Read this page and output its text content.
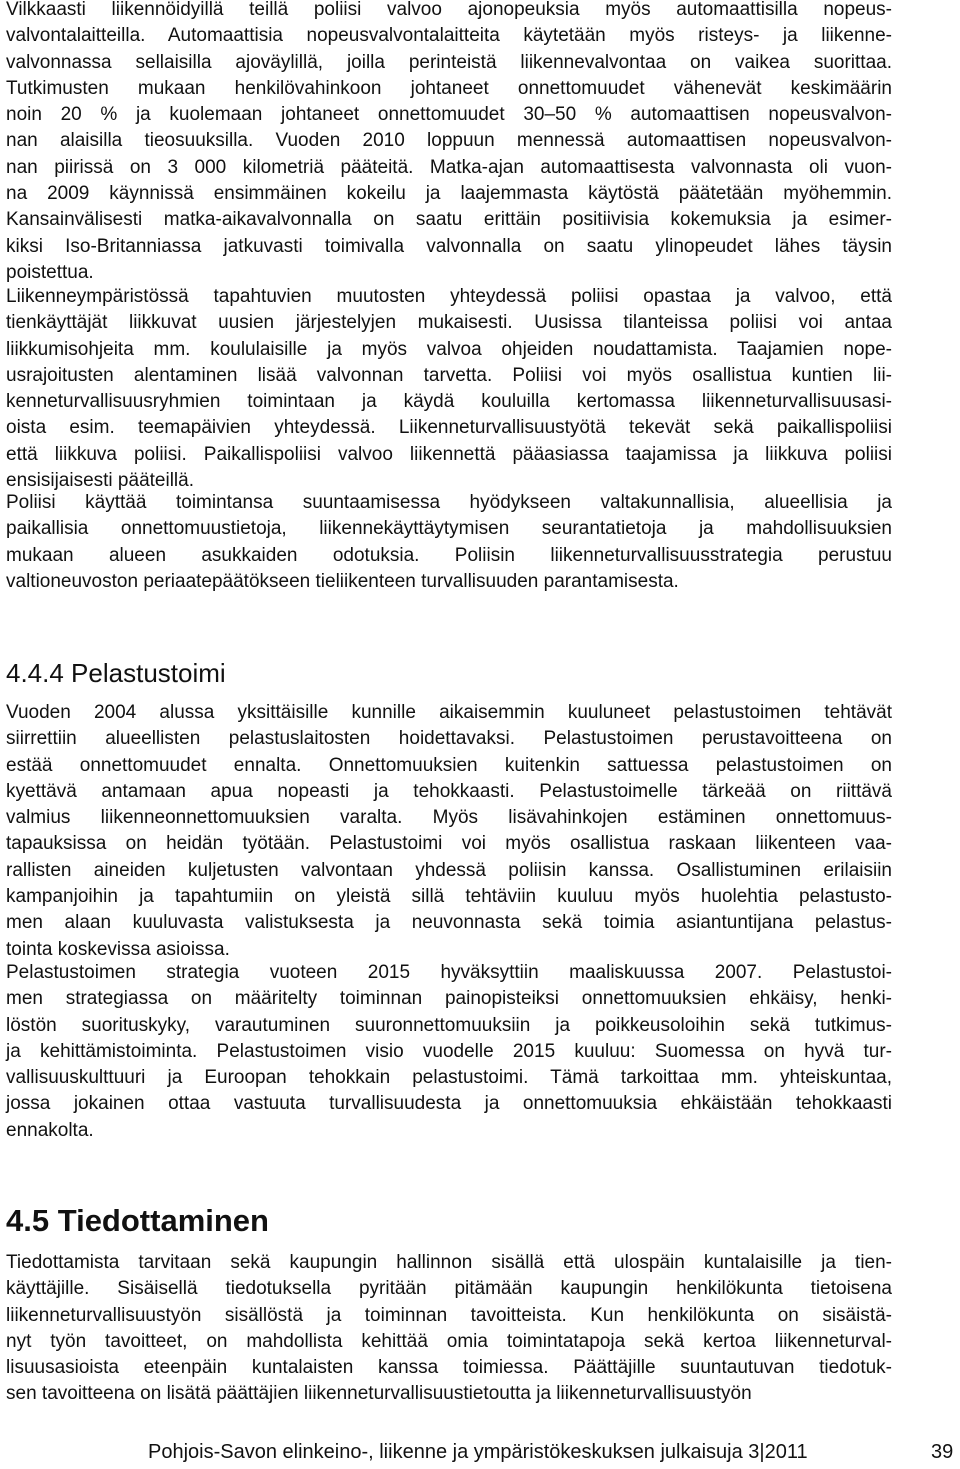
Vilkkaasti liikennöidyillä teillä poliisi valvoo ajonopeuksia myös automaattisilla nopeus-
valvontalaitteilla. Automaattisia nopeusvalvontalaitteita käytetään myös risteys- ja liikenne-
valvonnassa sellaisilla ajoväylillä, joilla perinteistä liikennevalvontaa on vaikea suorittaa.
Tutkimusten mukaan henkilövahinkoon johtaneet onnettomuudet vähenevät keskimäärin
noin 20 % ja kuolemaan johtaneet onnettomuudet 30–50 % automaattisen nopeusvalvon-
nan alaisilla tieosuuksilla. Vuoden 2010 loppuun mennessä automaattisen nopeusvalvon-
nan piirissä on 3 000 kilometriä pääteitä. Matka-ajan automaattisesta valvonnasta oli vuon-
na 2009 käynnissä ensimmäinen kokeilu ja laajemmasta käytöstä päätetään myöhemmin.
Kansainvälisesti matka-aikavalvonnalla on saatu erittäin positiivisia kokemuksia ja esimer-
kiksi Iso-Britanniassa jatkuvasti toimivalla valvonnalla on saatu ylinopeudet lähes täysin
poistettua.
Liikenneympäristössä tapahtuvien muutosten yhteydessä poliisi opastaa ja valvoo, että
tienkäyttäjät liikkuvat uusien järjestelyjen mukaisesti. Uusissa tilanteissa poliisi voi antaa
liikkumisohjeita mm. koululaisille ja myös valvoa ohjeiden noudattamista. Taajamien nope-
usrajoitusten alentaminen lisää valvonnan tarvetta. Poliisi voi myös osallistua kuntien lii-
kenneturvallisuusryhmien toimintaan ja käydä kouluilla kertomassa liikenneturvallisuusasi-
oista esim. teemapäivien yhteydessä. Liikenneturvallisuustyötä tekevät sekä paikallispoliisi
että liikkuva poliisi. Paikallispoliisi valvoo liikennettä pääasiassa taajamissa ja liikkuva poliisi
ensisijaisesti pääteillä.
Poliisi käyttää toimintansa suuntaamisessa hyödykseen valtakunnallisia, alueellisia ja
paikallisia onnettomuustietoja, liikennekäyttäytymisen seurantatietoja ja mahdollisuuksien
mukaan alueen asukkaiden odotuksia. Poliisin liikenneturvallisuusstrategia perustuu
valtioneuvoston periaatepäätökseen tieliikenteen turvallisuuden parantamisesta.
4.4.4 Pelastustoimi
Vuoden 2004 alussa yksittäisille kunnille aikaisemmin kuuluneet pelastustoimen tehtävät
siirrettiin alueellisten pelastuslaitosten hoidettavaksi. Pelastustoimen perustavoitteena on
estää onnettomuudet ennalta. Onnettomuuksien kuitenkin sattuessa pelastustoimen on
kyettävä antamaan apua nopeasti ja tehokkaasti. Pelastustoimelle tärkeää on riittävä
valmius liikenneonnettomuuksien varalta. Myös lisävahinkojen estäminen onnettomuus-
tapauksissa on heidän työtään. Pelastustoimi voi myös osallistua raskaan liikenteen vaa-
rallisten aineiden kuljetusten valvontaan yhdessä poliisin kanssa. Osallistuminen erilaisiin
kampanjoihin ja tapahtumiin on yleistä sillä tehtäviin kuuluu myös huolehtia pelastusto-
men alaan kuuluvasta valistuksesta ja neuvonnasta sekä toimia asiantuntijana pelastus-
tointa koskevissa asioissa.
Pelastustoimen strategia vuoteen 2015 hyväksyttiin maaliskuussa 2007. Pelastustoi-
men strategiassa on määritelty toiminnan painopisteiksi onnettomuuksien ehkäisy, henki-
löstön suorituskyky, varautuminen suuronnettomuuksiin ja poikkeusoloihin sekä tutkimus-
ja kehittämistoiminta. Pelastustoimen visio vuodelle 2015 kuuluu: Suomessa on hyvä tur-
vallisuuskulttuuri ja Euroopan tehokkain pelastustoimi. Tämä tarkoittaa mm. yhteiskuntaa,
jossa jokainen ottaa vastuuta turvallisuudesta ja onnettomuuksia ehkäistään tehokkaasti
ennakolta.
4.5 Tiedottaminen
Tiedottamista tarvitaan sekä kaupungin hallinnon sisällä että ulospäin kuntalaisille ja tien-
käyttäjille. Sisäisellä tiedotuksella pyritään pitämään kaupungin henkilökunta tietoisena
liikenneturvallisuustyön sisällöstä ja toiminnan tavoitteista. Kun henkilökunta on sisäistä-
nyt työn tavoitteet, on mahdollista kehittää omia toimintatapoja sekä kertoa liikenneturval-
lisuusasioista eteenpäin kuntalaisten kanssa toimiessa. Päättäjille suuntautuvan tiedotuk-
sen tavoitteena on lisätä päättäjien liikenneturvallisuustietoutta ja liikenneturvallisuustyön
Pohjois-Savon elinkeino-, liikenne ja ympäristökeskuksen julkaisuja 3|2011	39
